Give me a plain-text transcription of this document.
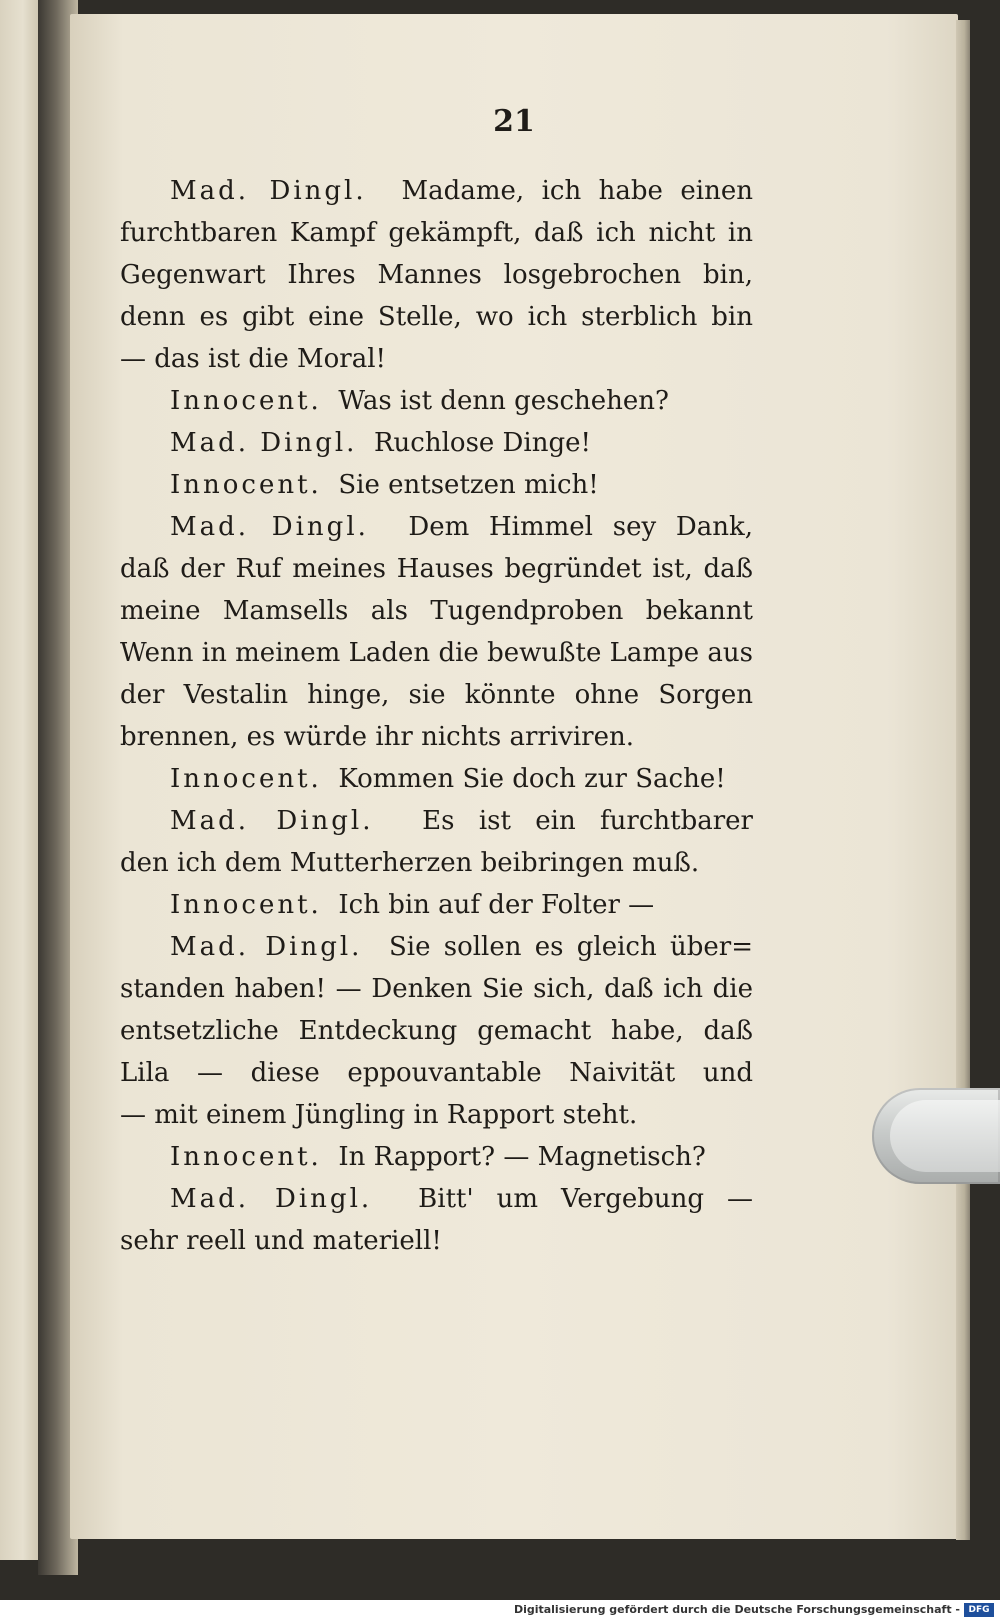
21
Mad. Dingl. Madame, ich habe einen
furchtbaren Kampf gekämpft, daß ich nicht in
Gegenwart Ihres Mannes losgebrochen bin,
denn es gibt eine Stelle, wo ich sterblich bin
— das ist die Moral!
Innocent. Was ist denn geschehen?
Mad. Dingl. Ruchlose Dinge!
Innocent. Sie entsetzen mich!
Mad. Dingl. Dem Himmel sey Dank,
daß der Ruf meines Hauses begründet ist, daß
meine Mamsells als Tugendproben bekannt
Wenn in meinem Laden die bewußte Lampe aus
der Vestalin hinge, sie könnte ohne Sorgen
brennen, es würde ihr nichts arriviren.
Innocent. Kommen Sie doch zur Sache!
Mad. Dingl. Es ist ein furchtbarer
den ich dem Mutterherzen beibringen muß.
Innocent. Ich bin auf der Folter —
Mad. Dingl. Sie sollen es gleich über=
standen haben! — Denken Sie sich, daß ich die
entsetzliche Entdeckung gemacht habe, daß
Lila — diese eppouvantable Naivität und
— mit einem Jüngling in Rapport steht.
Innocent. In Rapport? — Magnetisch?
Mad. Dingl. Bitt' um Vergebung —
sehr reell und materiell!
Digitalisierung gefördert durch die Deutsche Forschungsgemeinschaft - DFG
